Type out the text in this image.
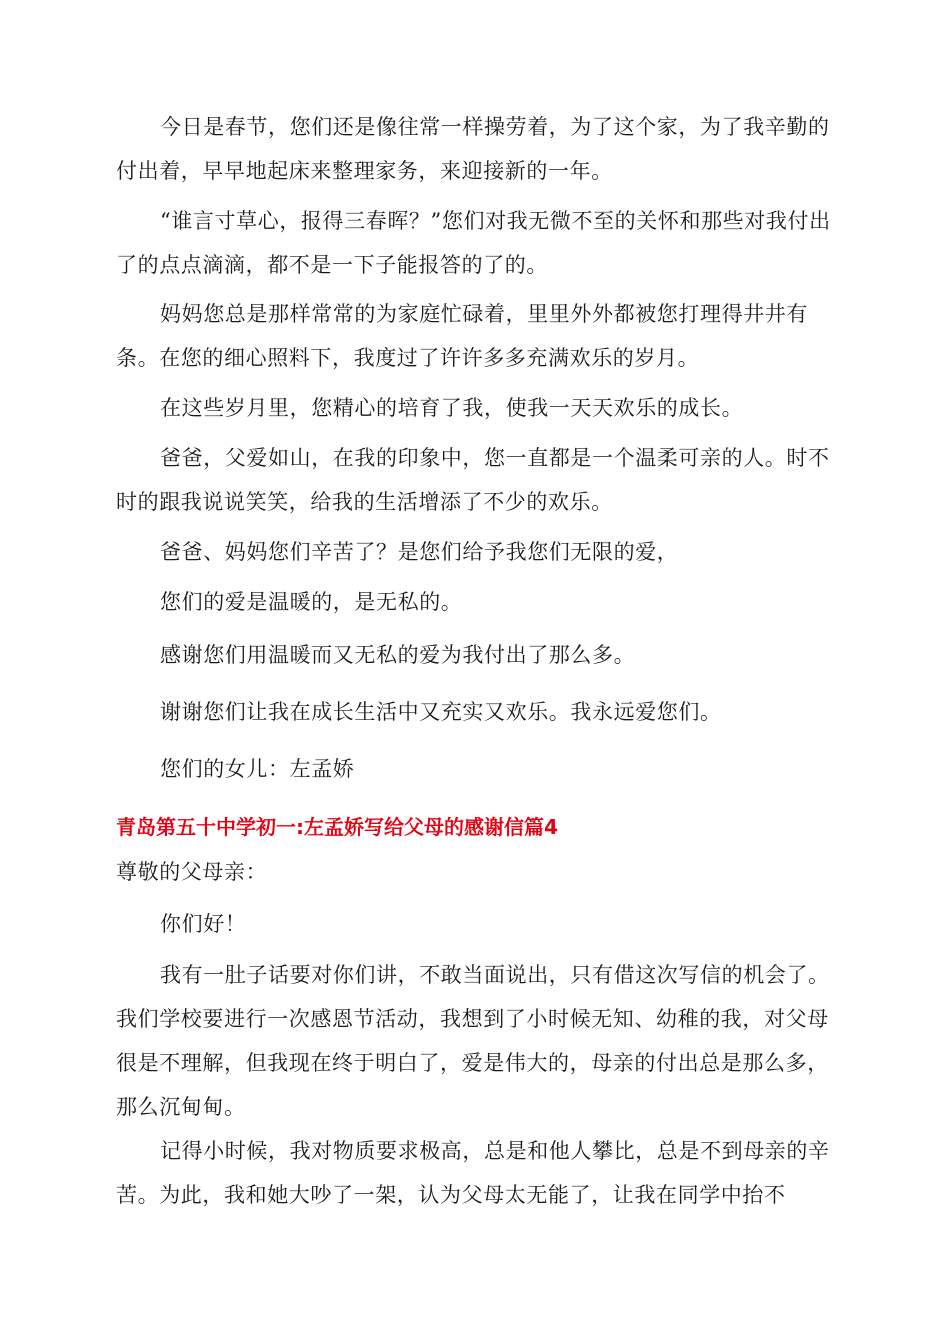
今日是春节，您们还是像往常一样操劳着，为了这个家，为了我辛勤的付出着，早早地起床来整理家务，来迎接新的一年。

“谁言寸草心，报得三春晖？”您们对我无微不至的关怀和那些对我付出了的点点滴滴，都不是一下子能报答的了的。

妈妈您总是那样常常的为家庭忙碌着，里里外外都被您打理得井井有条。在您的细心照料下，我度过了许许多多充满欢乐的岁月。

在这些岁月里，您精心的培育了我，使我一天天欢乐的成长。

爸爸，父爱如山，在我的印象中，您一直都是一个温柔可亲的人。时不时的跟我说说笑笑，给我的生活增添了不少的欢乐。

爸爸、妈妈您们辛苦了？是您们给予我您们无限的爱，

您们的爱是温暖的，是无私的。

感谢您们用温暖而又无私的爱为我付出了那么多。

谢谢您们让我在成长生活中又充实又欢乐。我永远爱您们。

您们的女儿：左孟娇

青岛第五十中学初一:左孟娇写给父母的感谢信篇4

尊敬的父母亲：

你们好！

我有一肚子话要对你们讲，不敢当面说出，只有借这次写信的机会了。我们学校要进行一次感恩节活动，我想到了小时候无知、幼稚的我，对父母很是不理解，但我现在终于明白了，爱是伟大的，母亲的付出总是那么多，那么沉甸甸。

记得小时候，我对物质要求极高，总是和他人攀比，总是不到母亲的辛苦。为此，我和她大吵了一架，认为父母太无能了，让我在同学中抬不
